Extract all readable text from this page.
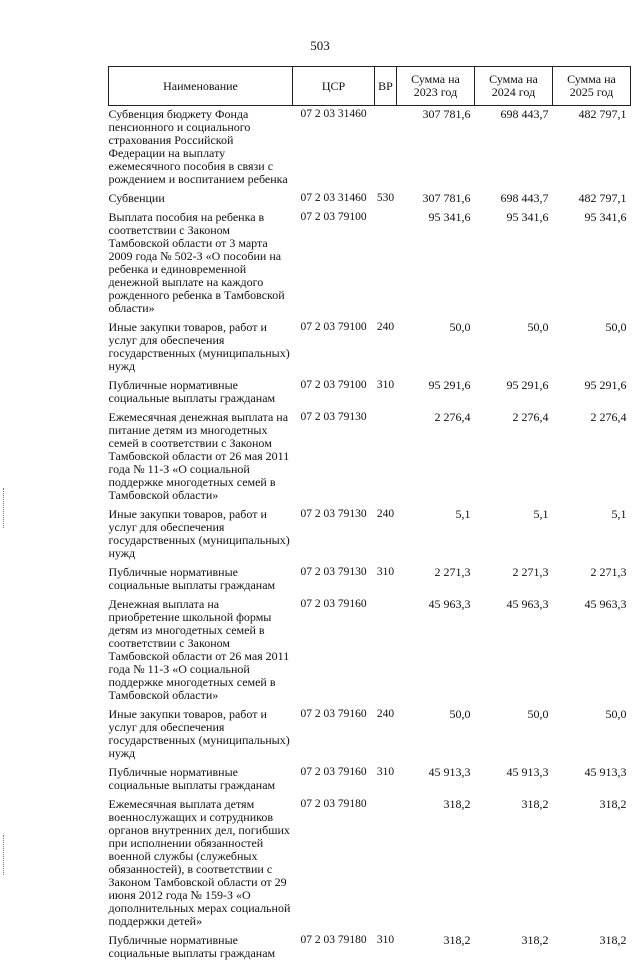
503
Наименование	ЦСР	ВР	Сумма на 2023 год	Сумма на 2024 год	Сумма на 2025 год
Субвенция бюджету Фонда пенсионного и социального страхования Российской Федерации на выплату ежемесячного пособия в связи с рождением и воспитанием ребенка	07 2 03 31460		307 781,6	698 443,7	482 797,1
Субвенции	07 2 03 31460	530	307 781,6	698 443,7	482 797,1
Выплата пособия на ребенка в соответствии с Законом Тамбовской области от 3 марта 2009 года № 502-З «О пособии на ребенка и единовременной денежной выплате на каждого рожденного ребенка в Тамбовской области»	07 2 03 79100		95 341,6	95 341,6	95 341,6
Иные закупки товаров, работ и услуг для обеспечения государственных (муниципальных) нужд	07 2 03 79100	240	50,0	50,0	50,0
Публичные нормативные социальные выплаты гражданам	07 2 03 79100	310	95 291,6	95 291,6	95 291,6
Ежемесячная денежная выплата на питание детям из многодетных семей в соответствии с Законом Тамбовской области от 26 мая 2011 года № 11-З «О социальной поддержке многодетных семей в Тамбовской области»	07 2 03 79130		2 276,4	2 276,4	2 276,4
Иные закупки товаров, работ и услуг для обеспечения государственных (муниципальных) нужд	07 2 03 79130	240	5,1	5,1	5,1
Публичные нормативные социальные выплаты гражданам	07 2 03 79130	310	2 271,3	2 271,3	2 271,3
Денежная выплата на приобретение школьной формы детям из многодетных семей в соответствии с Законом Тамбовской области от 26 мая 2011 года № 11-З «О социальной поддержке многодетных семей в Тамбовской области»	07 2 03 79160		45 963,3	45 963,3	45 963,3
Иные закупки товаров, работ и услуг для обеспечения государственных (муниципальных) нужд	07 2 03 79160	240	50,0	50,0	50,0
Публичные нормативные социальные выплаты гражданам	07 2 03 79160	310	45 913,3	45 913,3	45 913,3
Ежемесячная выплата детям военнослужащих и сотрудников органов внутренних дел, погибших при исполнении обязанностей военной службы (служебных обязанностей), в соответствии с Законом Тамбовской области от 29 июня 2012 года № 159-З «О дополнительных мерах социальной поддержки детей»	07 2 03 79180		318,2	318,2	318,2
Публичные нормативные социальные выплаты гражданам	07 2 03 79180	310	318,2	318,2	318,2
